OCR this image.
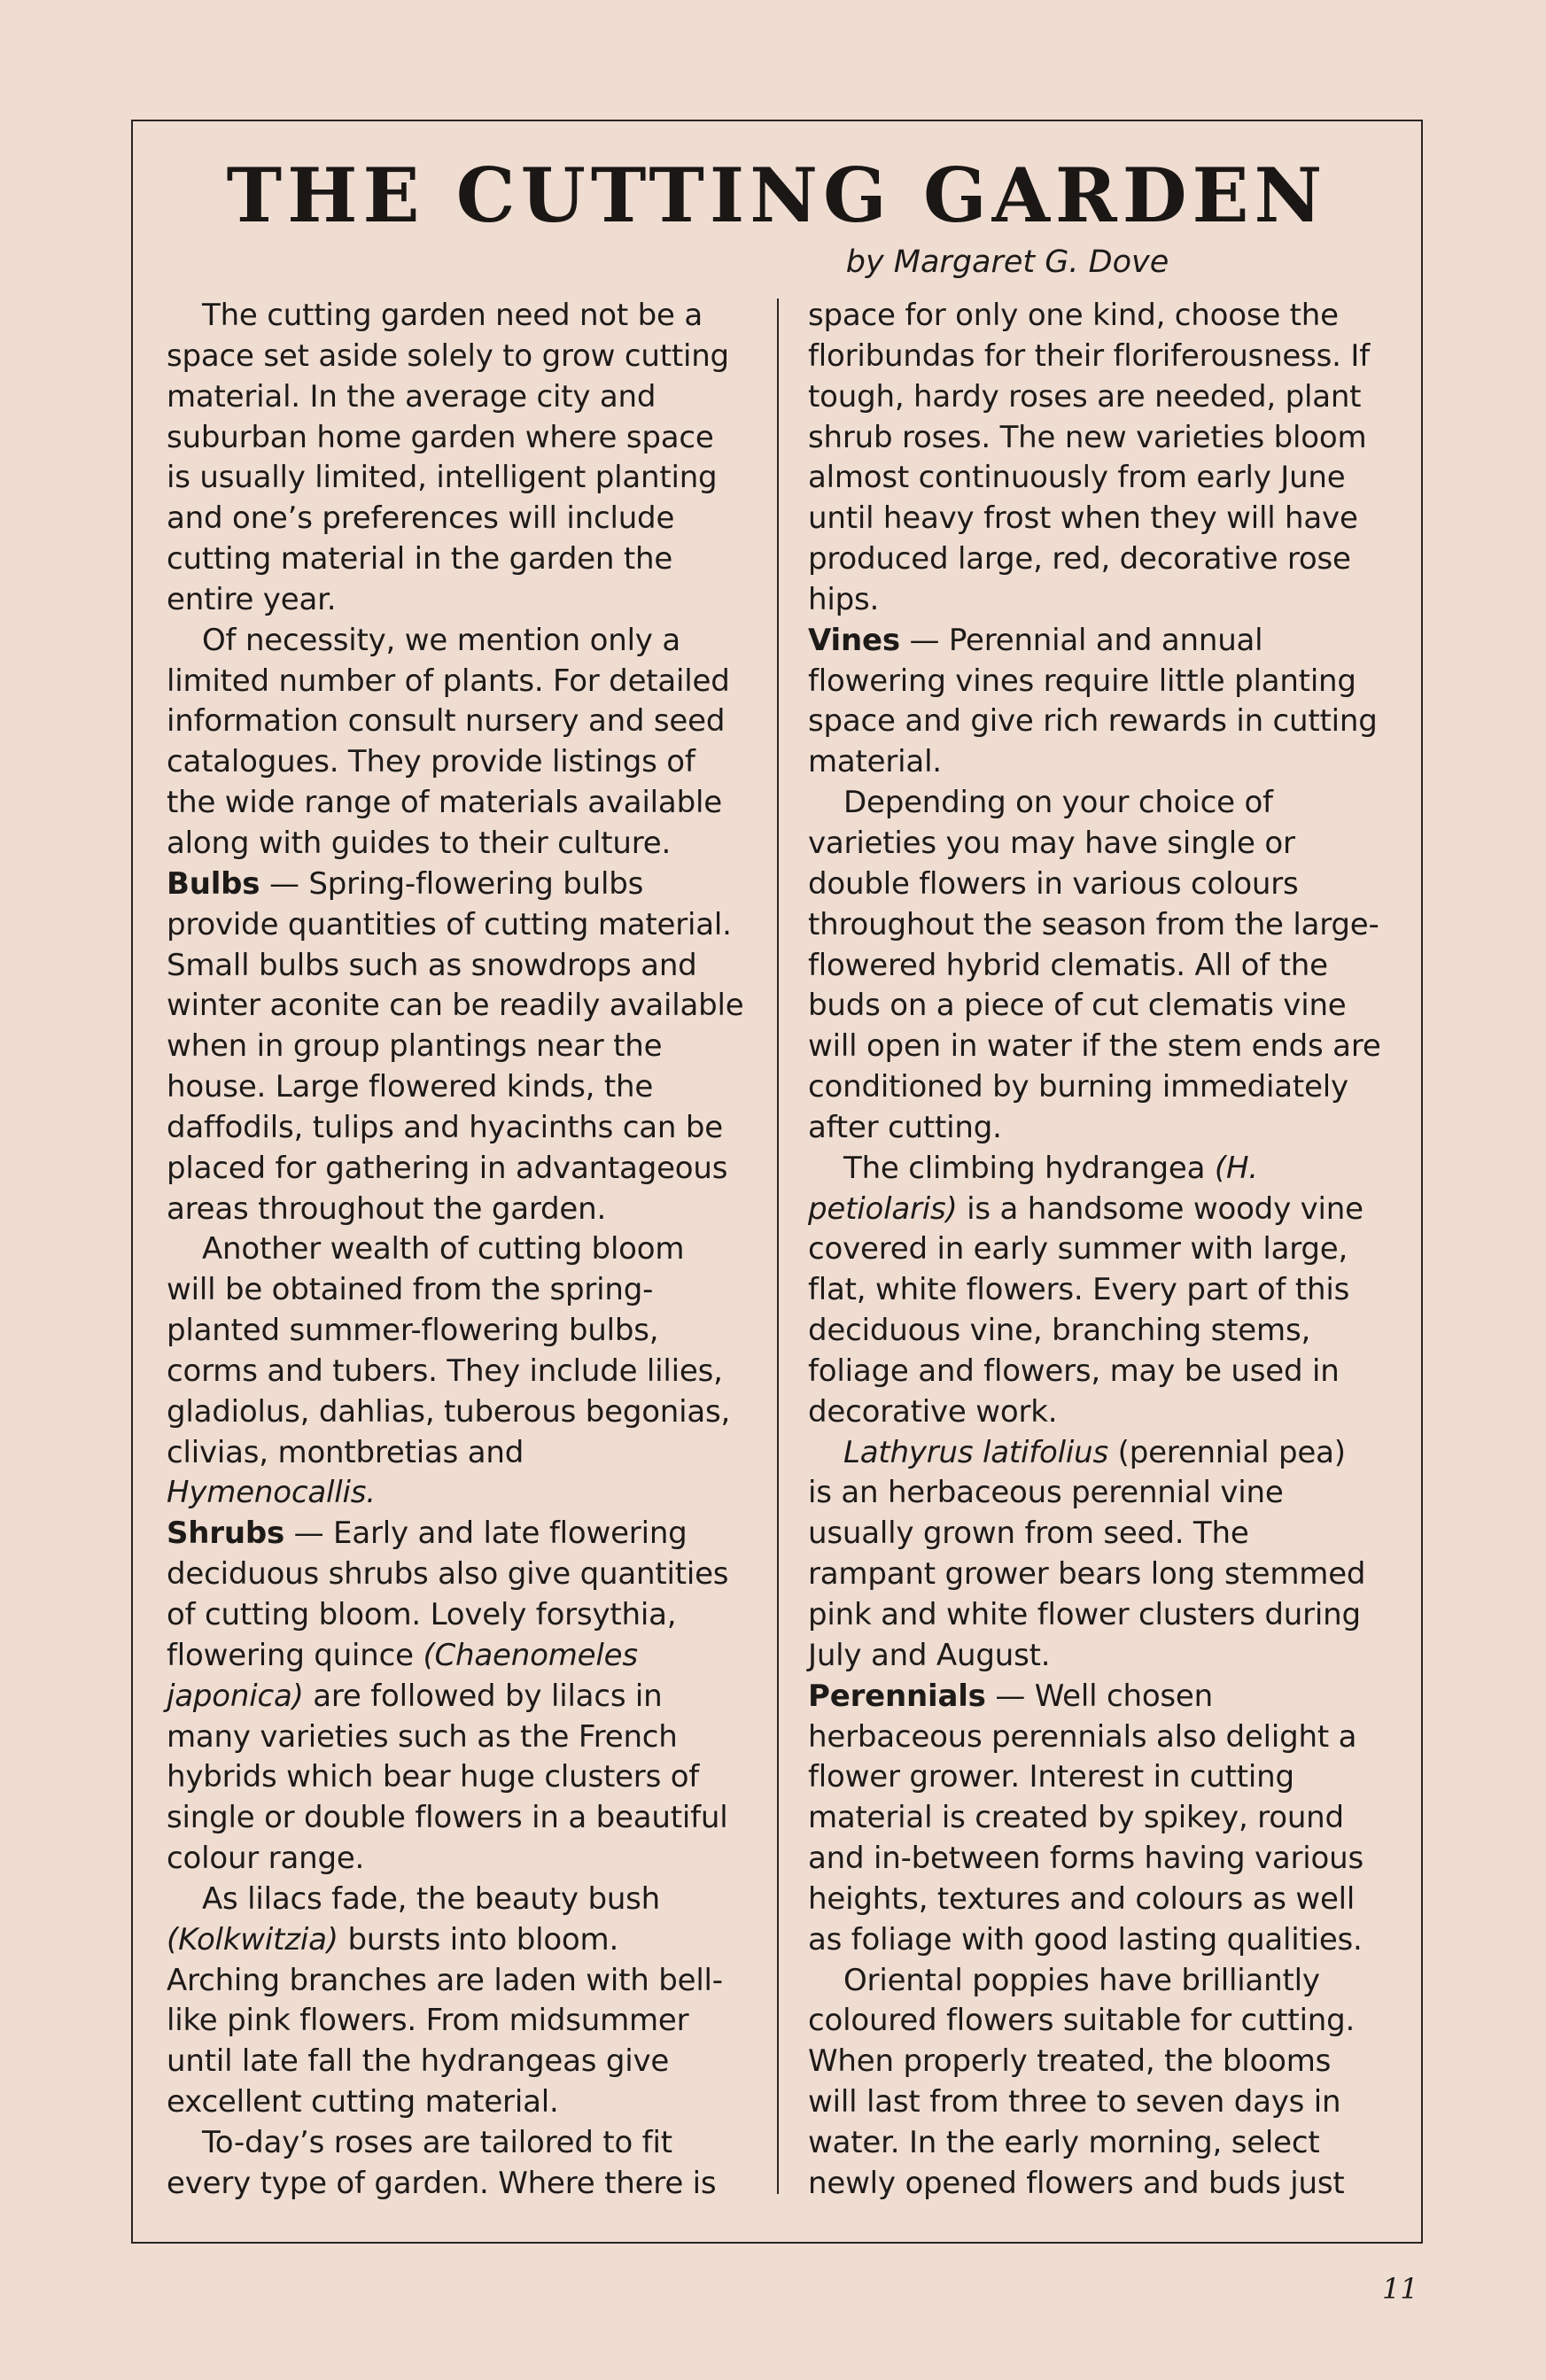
THE CUTTING GARDEN
by Margaret G. Dove

The cutting garden need not be a

space set aside solely to grow cutting

material. In the average city and

suburban home garden where space

is usually limited, intelligent planting

and one’s preferences will include

cutting material in the garden the

entire year.

Of necessity, we mention only a

limited number of plants. For detailed

information consult nursery and seed

catalogues. They provide listings of

the wide range of materials available

along with guides to their culture.

Bulbs — Spring-flowering bulbs

provide quantities of cutting material.

Small bulbs such as snowdrops and

winter aconite can be readily available

when in group plantings near the

house. Large flowered kinds, the

daffodils, tulips and hyacinths can be

placed for gathering in advantageous

areas throughout the garden.

Another wealth of cutting bloom

will be obtained from the spring-

planted summer-flowering bulbs,

corms and tubers. They include lilies,

gladiolus, dahlias, tuberous begonias,

clivias, montbretias and

Hymenocallis.

Shrubs — Early and late flowering

deciduous shrubs also give quantities

of cutting bloom. Lovely forsythia,

flowering quince (Chaenomeles

japonica) are followed by lilacs in

many varieties such as the French

hybrids which bear huge clusters of

single or double flowers in a beautiful

colour range.

As lilacs fade, the beauty bush

(Kolkwitzia) bursts into bloom.

Arching branches are laden with bell-

like pink flowers. From midsummer

until late fall the hydrangeas give

excellent cutting material.

To-day’s roses are tailored to fit

every type of garden. Where there is

space for only one kind, choose the

floribundas for their floriferousness. If

tough, hardy roses are needed, plant

shrub roses. The new varieties bloom

almost continuously from early June

until heavy frost when they will have

produced large, red, decorative rose

hips.

Vines — Perennial and annual

flowering vines require little planting

space and give rich rewards in cutting

material.

Depending on your choice of

varieties you may have single or

double flowers in various colours

throughout the season from the large-

flowered hybrid clematis. All of the

buds on a piece of cut clematis vine

will open in water if the stem ends are

conditioned by burning immediately

after cutting.

The climbing hydrangea (H.

petiolaris) is a handsome woody vine

covered in early summer with large,

flat, white flowers. Every part of this

deciduous vine, branching stems,

foliage and flowers, may be used in

decorative work.

Lathyrus latifolius (perennial pea)

is an herbaceous perennial vine

usually grown from seed. The

rampant grower bears long stemmed

pink and white flower clusters during

July and August.

Perennials — Well chosen

herbaceous perennials also delight a

flower grower. Interest in cutting

material is created by spikey, round

and in-between forms having various

heights, textures and colours as well

as foliage with good lasting qualities.

Oriental poppies have brilliantly

coloured flowers suitable for cutting.

When properly treated, the blooms

will last from three to seven days in

water. In the early morning, select

newly opened flowers and buds just

11
